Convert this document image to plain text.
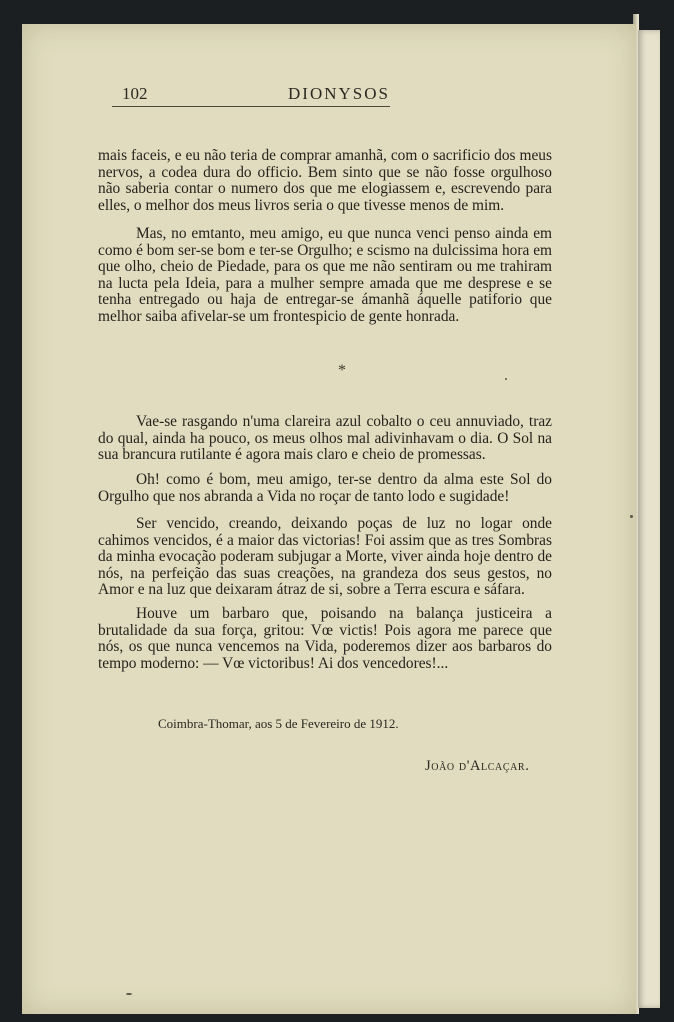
102	DIONYSOS

mais faceis, e eu não teria de comprar amanhã, com o sacrificio dos meus nervos, a codea dura do officio. Bem sinto que se não fosse orgulhoso não saberia contar o numero dos que me elogiassem e, escrevendo para elles, o melhor dos meus livros seria o que tivesse menos de mim.

Mas, no emtanto, meu amigo, eu que nunca venci penso ainda em como é bom ser-se bom e ter-se Orgulho; e scismo na dulcissima hora em que olho, cheio de Piedade, para os que me não sentiram ou me trahiram na lucta pela Ideia, para a mulher sempre amada que me desprese e se tenha entregado ou haja de entregar-se ámanhã áquelle patiforio que melhor saiba afivelar-se um frontespicio de gente honrada.

*

Vae-se rasgando n'uma clareira azul cobalto o ceu annuviado, traz do qual, ainda ha pouco, os meus olhos mal adivinhavam o dia. O Sol na sua brancura rutilante é agora mais claro e cheio de promessas.

Oh! como é bom, meu amigo, ter-se dentro da alma este Sol do Orgulho que nos abranda a Vida no roçar de tanto lodo e sugidade!

Ser vencido, creando, deixando poças de luz no logar onde cahimos vencidos, é a maior das victorias! Foi assim que as tres Sombras da minha evocação poderam subjugar a Morte, viver ainda hoje dentro de nós, na perfeição das suas creações, na grandeza dos seus gestos, no Amor e na luz que deixaram átraz de si, sobre a Terra escura e sáfara.

Houve um barbaro que, poisando na balança justiceira a brutalidade da sua força, gritou: Vœ victis! Pois agora me parece que nós, os que nunca vencemos na Vida, poderemos dizer aos barbaros do tempo moderno: — Vœ victoribus! Ai dos vencedores!...

Coimbra-Thomar, aos 5 de Fevereiro de 1912.
João d'Alcaçar.
